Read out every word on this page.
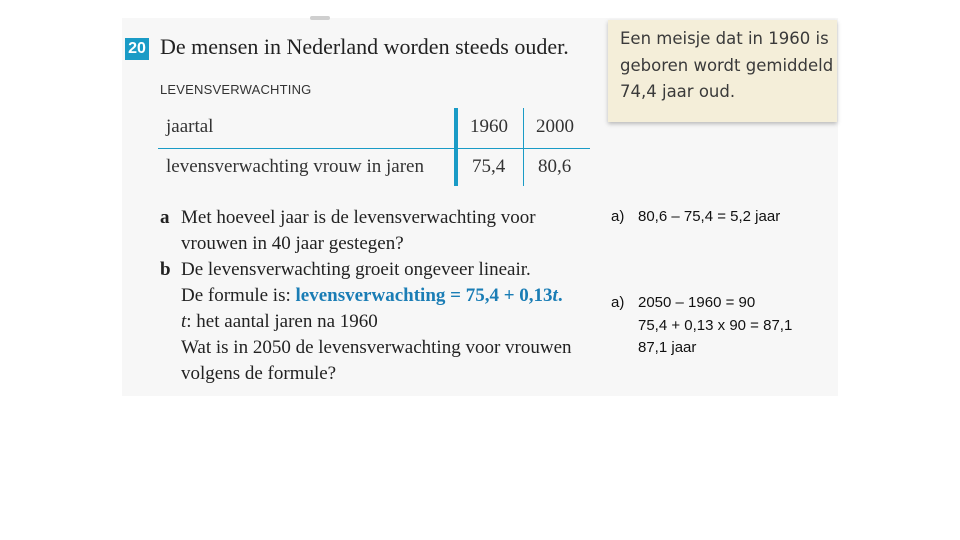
20 De mensen in Nederland worden steeds ouder.
LEVENSVERWACHTING
jaartal	1960 2000
levensverwachting vrouw in jaren	75,4 80,6
a Met hoeveel jaar is de levensverwachting voor
vrouwen in 40 jaar gestegen?
b De levensverwachting groeit ongeveer lineair.
De formule is: levensverwachting = 75,4 + 0,13t.
t: het aantal jaren na 1960
Wat is in 2050 de levensverwachting voor vrouwen
volgens de formule?
Een meisje dat in 1960 is
geboren wordt gemiddeld
74,4 jaar oud.
a) 80,6 – 75,4 = 5,2 jaar
a) 2050 – 1960 = 90
75,4 + 0,13 x 90 = 87,1
87,1 jaar
